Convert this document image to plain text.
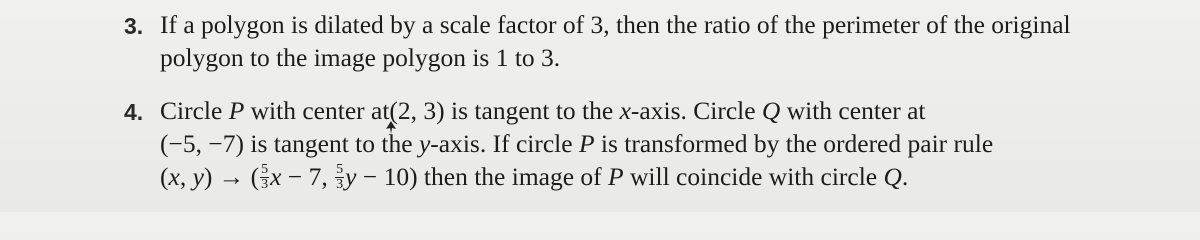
3. If a polygon is dilated by a scale factor of 3, then the ratio of the perimeter of the original
polygon to the image polygon is 1 to 3.
4. Circle P with center at
(2, 3) is tangent to the x-axis. Circle Q with center at
(−5, −7) is tangent to the y-axis. If circle P is transformed by the ordered pair rule
(x, y) → ( $\frac{5}{3}$ x − 7, $\frac{5}{3}$ y − 10) then the image of P will coincide with circle Q.
